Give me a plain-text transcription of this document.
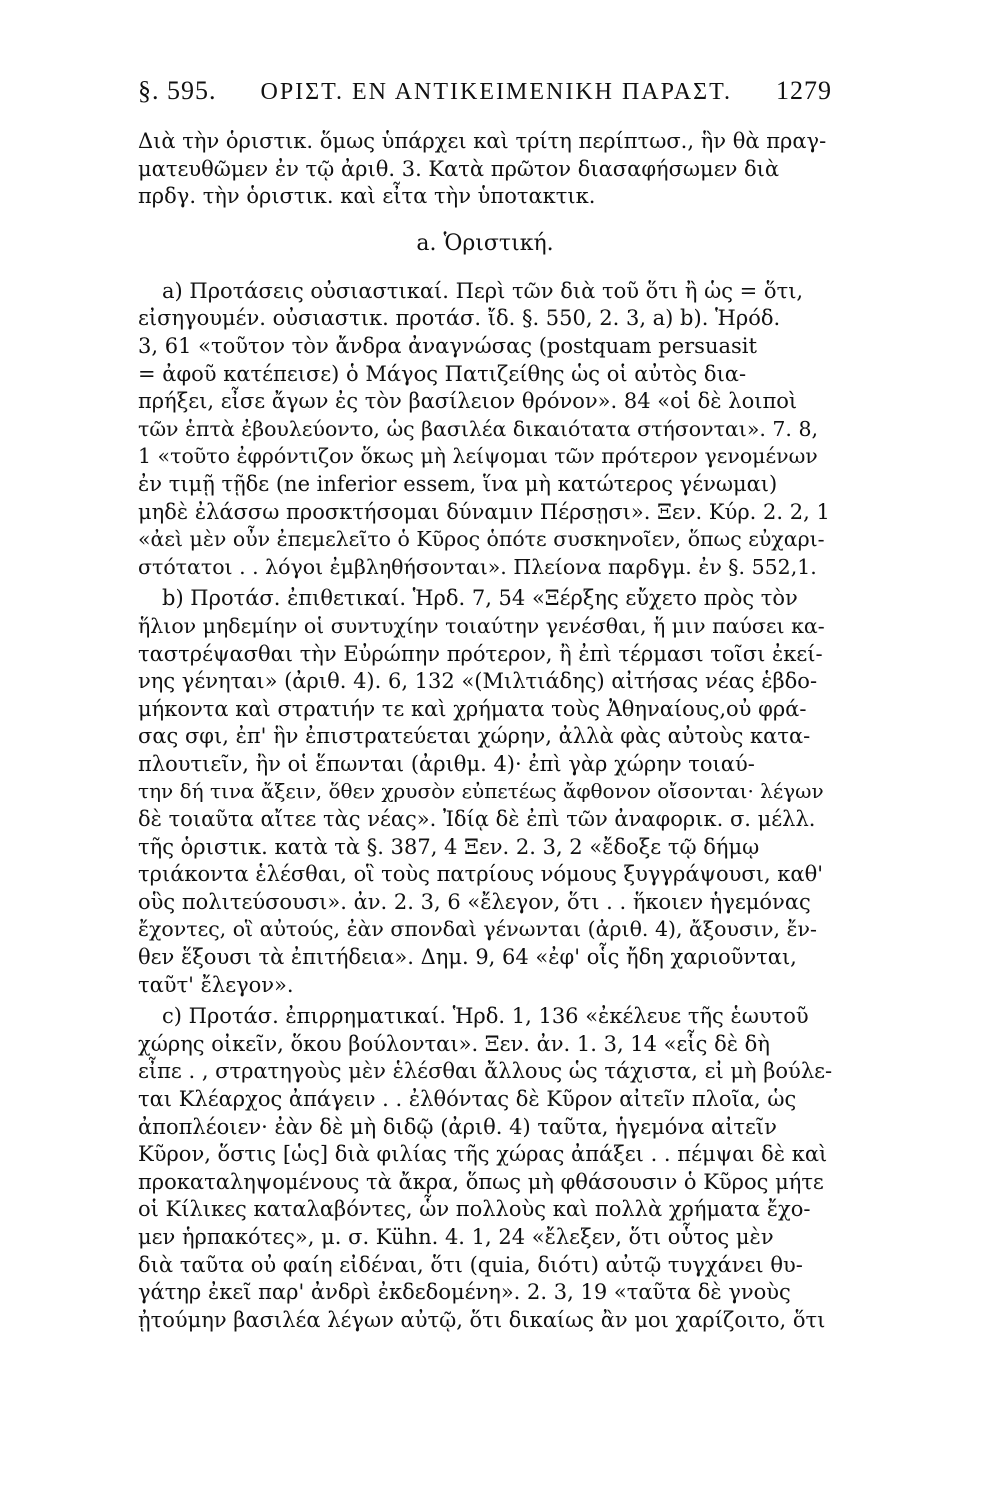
§. 595. ΟΡΙΣΤ. ΕΝ ΑΝΤΙΚΕΙΜΕΝΙΚΗ ΠΑΡΑΣΤ. 1279
Διὰ τὴν ὁριστικ. ὅμως ὑπάρχει καὶ τρίτη περίπτωσ., ἣν θὰ πραγ-
ματευθῶμεν ἐν τῷ ἀριθ. 3. Κατὰ πρῶτον διασαφήσωμεν διὰ
πρδγ. τὴν ὁριστικ. καὶ εἶτα τὴν ὑποτακτικ.
a. Ὁριστική.
a) Προτάσεις οὐσιαστικαί. Περὶ τῶν διὰ τοῦ ὅτι ἢ ὡς = ὅτι,
εἰσηγουμέν. οὐσιαστικ. προτάσ. ἴδ. §. 550, 2. 3, a) b). Ἡρόδ.
3, 61 «τοῦτον τὸν ἄνδρα ἀναγνώσας (postquam persuasit
= ἀφοῦ κατέπεισε) ὁ Μάγος Πατιζείθης ὡς οἱ αὐτὸς δια-
πρήξει, εἶσε ἄγων ἐς τὸν βασίλειον θρόνον». 84 «οἱ δὲ λοιποὶ
τῶν ἑπτὰ ἐβουλεύοντο, ὡς βασιλέα δικαιότατα στήσονται». 7. 8,
1 «τοῦτο ἐφρόντιζον ὅκως μὴ λείψομαι τῶν πρότερον γενομένων
ἐν τιμῇ τῇδε (ne inferior essem, ἵνα μὴ κατώτερος γένωμαι)
μηδὲ ἐλάσσω προσκτήσομαι δύναμιν Πέρσῃσι». Ξεν. Κύρ. 2. 2, 1
«ἀεὶ μὲν οὖν ἐπεμελεῖτο ὁ Κῦρος ὁπότε συσκηνοῖεν, ὅπως εὐχαρι-
στότατοι . . λόγοι ἐμβληθήσονται». Πλείονα παρδγμ. ἐν §. 552,1.
b) Προτάσ. ἐπιθετικαί. Ἡρδ. 7, 54 «Ξέρξης εὔχετο πρὸς τὸν
ἥλιον μηδεμίην οἱ συντυχίην τοιαύτην γενέσθαι, ἥ μιν παύσει κα-
ταστρέψασθαι τὴν Εὐρώπην πρότερον, ἢ ἐπὶ τέρμασι τοῖσι ἐκεί-
νης γένηται» (ἀριθ. 4). 6, 132 «(Μιλτιάδης) αἰτήσας νέας ἑβδο-
μήκοντα καὶ στρατιήν τε καὶ χρήματα τοὺς Ἀθηναίους,οὐ φρά-
σας σφι, ἐπ' ἣν ἐπιστρατεύεται χώρην, ἀλλὰ φὰς αὐτοὺς κατα-
πλουτιεῖν, ἢν οἱ ἕπωνται (ἀριθμ. 4)· ἐπὶ γὰρ χώρην τοιαύ-
την δή τινα ἄξειν, ὅθεν χρυσὸν εὐπετέως ἄφθονον οἴσονται· λέγων
δὲ τοιαῦτα αἴτεε τὰς νέας». Ἰδίᾳ δὲ ἐπὶ τῶν ἀναφορικ. σ. μέλλ.
τῆς ὁριστικ. κατὰ τὰ §. 387, 4 Ξεν. 2. 3, 2 «ἔδοξε τῷ δήμῳ
τριάκοντα ἑλέσθαι, οἳ τοὺς πατρίους νόμους ξυγγράψουσι, καθ'
οὓς πολιτεύσουσι». ἀν. 2. 3, 6 «ἔλεγον, ὅτι . . ἥκοιεν ἡγεμόνας
ἔχοντες, οἳ αὐτούς, ἐὰν σπονδαὶ γένωνται (ἀριθ. 4), ἄξουσιν, ἔν-
θεν ἕξουσι τὰ ἐπιτήδεια». Δημ. 9, 64 «ἐφ' οἷς ἤδη χαριοῦνται,
ταῦτ' ἔλεγον».
c) Προτάσ. ἐπιρρηματικαί. Ἡρδ. 1, 136 «ἐκέλευε τῆς ἑωυτοῦ
χώρης οἰκεῖν, ὅκου βούλονται». Ξεν. ἀν. 1. 3, 14 «εἷς δὲ δὴ
εἶπε . , στρατηγοὺς μὲν ἑλέσθαι ἄλλους ὡς τάχιστα, εἰ μὴ βούλε-
ται Κλέαρχος ἀπάγειν . . ἐλθόντας δὲ Κῦρον αἰτεῖν πλοῖα, ὡς
ἀποπλέοιεν· ἐὰν δὲ μὴ διδῷ (ἀριθ. 4) ταῦτα, ἡγεμόνα αἰτεῖν
Κῦρον, ὅστις [ὡς] διὰ φιλίας τῆς χώρας ἀπάξει . . πέμψαι δὲ καὶ
προκαταληψομένους τὰ ἄκρα, ὅπως μὴ φθάσουσιν ὁ Κῦρος μήτε
οἱ Κίλικες καταλαβόντες, ὧν πολλοὺς καὶ πολλὰ χρήματα ἔχο-
μεν ἡρπακότες», μ. σ. Kühn. 4. 1, 24 «ἔλεξεν, ὅτι οὗτος μὲν
διὰ ταῦτα οὐ φαίη εἰδέναι, ὅτι (quia, διότι) αὐτῷ τυγχάνει θυ-
γάτηρ ἐκεῖ παρ' ἀνδρὶ ἐκδεδομένη». 2. 3, 19 «ταῦτα δὲ γνοὺς
ᾐτούμην βασιλέα λέγων αὐτῷ, ὅτι δικαίως ἂν μοι χαρίζοιτο, ὅτι
